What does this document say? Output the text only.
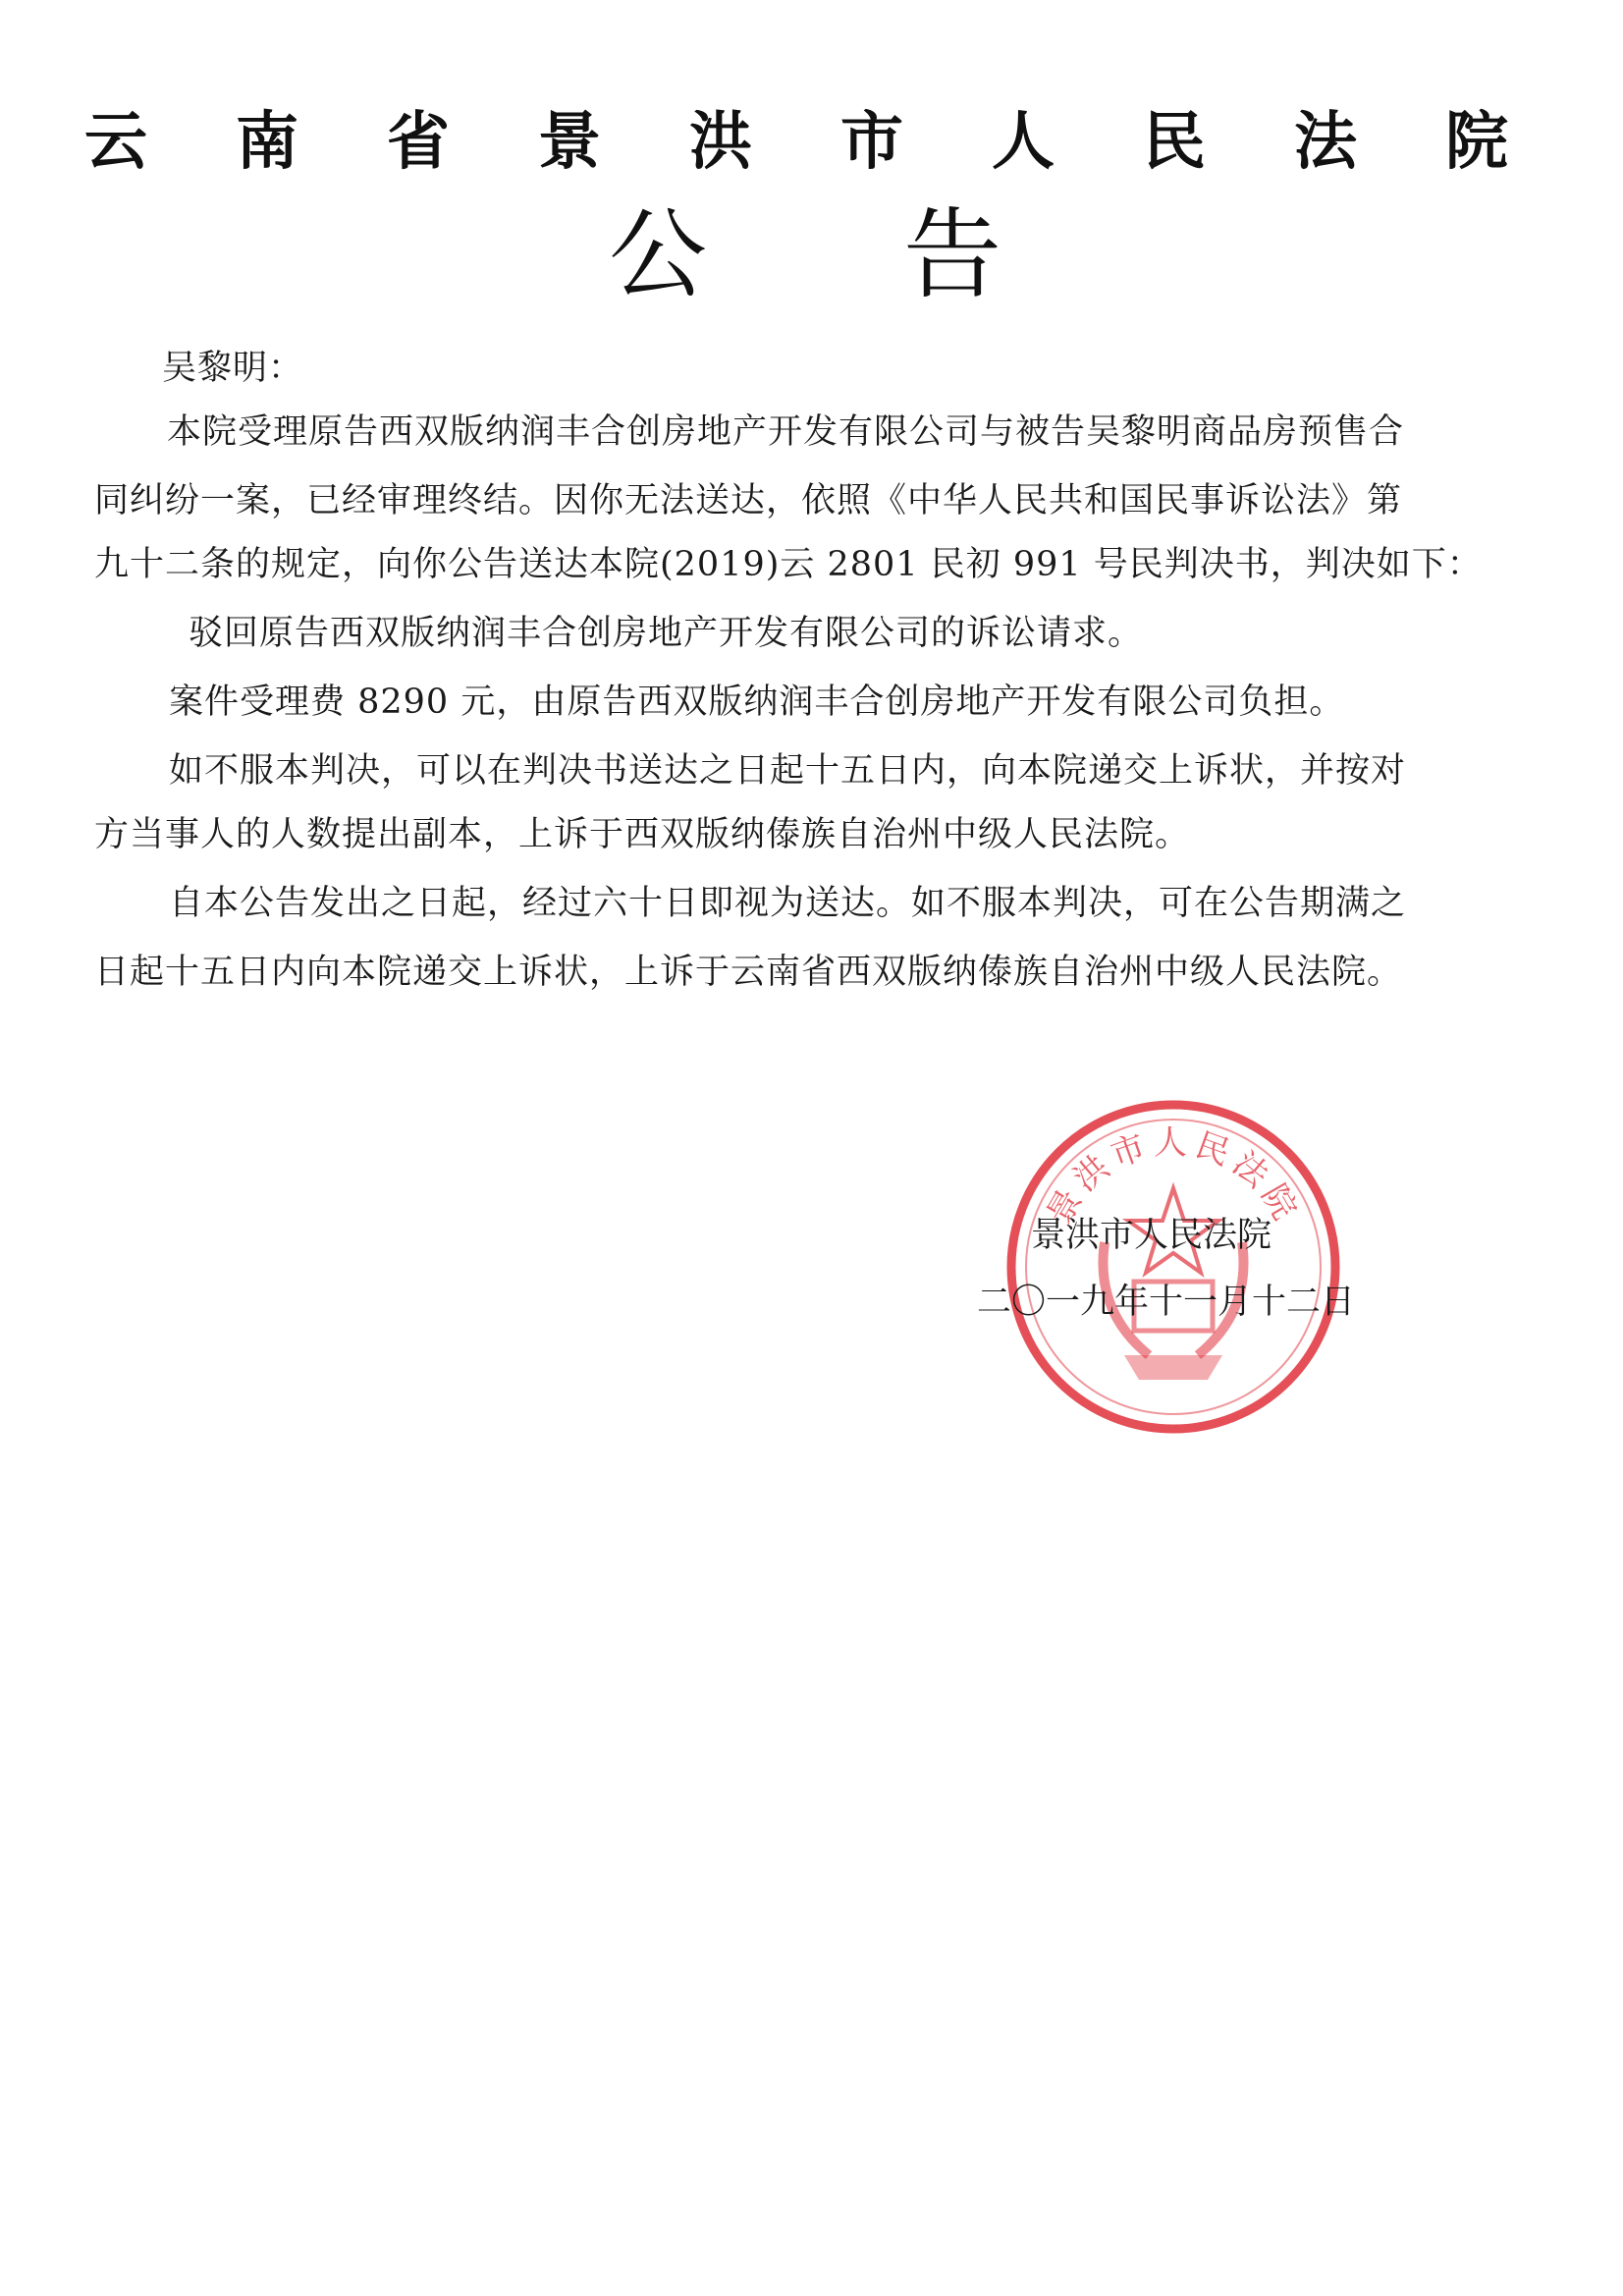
云 南 省 景 洪 市 人 民 法 院
公 告
吴黎明：
本院受理原告西双版纳润丰合创房地产开发有限公司与被告吴黎明商品房预售合
同纠纷一案，已经审理终结。因你无法送达，依照《中华人民共和国民事诉讼法》第
九十二条的规定，向你公告送达本院(2019)云 2801 民初 991 号民判决书，判决如下：
驳回原告西双版纳润丰合创房地产开发有限公司的诉讼请求。
案件受理费 8290 元，由原告西双版纳润丰合创房地产开发有限公司负担。
如不服本判决，可以在判决书送达之日起十五日内，向本院递交上诉状，并按对
方当事人的人数提出副本，上诉于西双版纳傣族自治州中级人民法院。
自本公告发出之日起，经过六十日即视为送达。如不服本判决，可在公告期满之
日起十五日内向本院递交上诉状，上诉于云南省西双版纳傣族自治州中级人民法院。
景洪市人民法院
景洪市人民法院
二〇一九年十一月十二日
